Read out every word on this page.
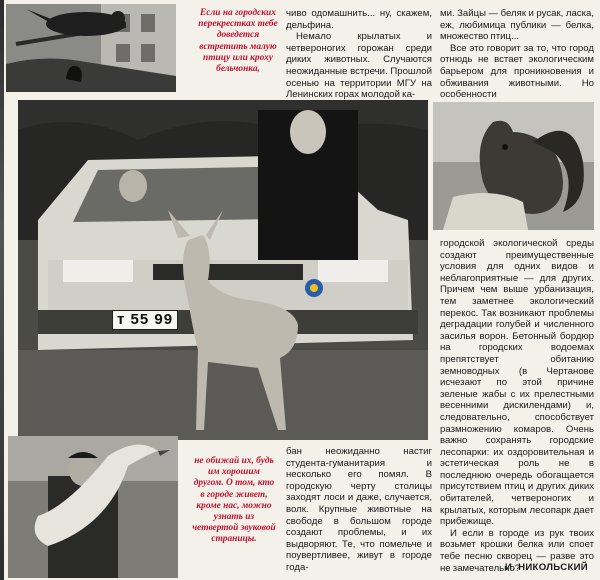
Если на городских перекрестках тебе доведется встретить малую птицу или кроху бельчонка,

чиво одомашнить... ну, скажем, дельфина.

Немало крылатых и четвероногих горожан среди диких животных. Случаются неожиданные встречи. Прошлой осенью на территории МГУ на Ленинских горах молодой ка-

ми. Зайцы — беляк и русак, ласка, еж, любимица публики — белка, множество птиц...

Все это говорит за то, что город отнюдь не встает экологическим барьером для проникновения и обживания животными. Но особенности

т 55 99

городской экологической среды создают преимущественные условия для одних видов и неблагоприятные — для других. Причем чем выше урбанизация, тем заметнее экологический перекос. Так возникают проблемы деградации голубей и численного засилья ворон. Бетонный бордюр на городских водоемах препятствует обитанию земноводных (в Чертанове исчезают по этой причине зеленые жабы с их прелестными весенними дискилендами) и, следовательно, способствует размножению комаров. Очень важно сохранять городские лесопарки: их оздоровительная и эстетическая роль не в последнюю очередь обогащается присутствием птиц и других диких обитателей, четвероногих и крылатых, которым лесопарк дает прибежище.

И если в городе из рук твоих возьмет крошки белка или споет тебе песню скворец — разве это не замечательно?

И. НИКОЛЬСКИЙ

не обижай их, будь им хорошим другом. О том, кто в городе живет, кроме нас, можно узнать из четвертой звуковой страницы.

бан неожиданно настиг студента-гуманитария и несколько его помял. В городскую черту столицы заходят лоси и даже, случается, волк. Крупные животные на свободе в большом городе создают проблемы, и их выдворяют. Те, что помельче и поувертливее, живут в городе года-
